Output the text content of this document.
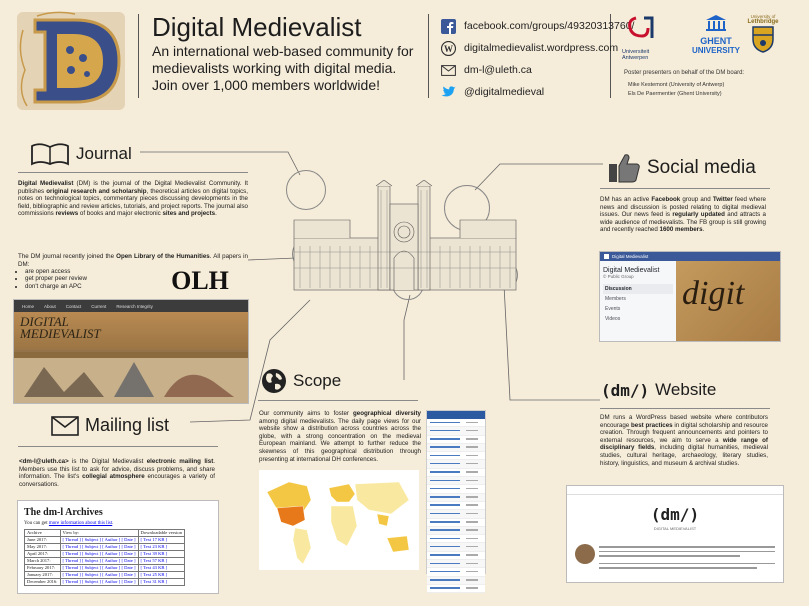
Digital Medievalist
An international web-based community for medievalists working with digital media. Join over 1,000 members worldwide!
facebook.com/groups/49320313760/
W digitalmedievalist.wordpress.com
dm-l@uleth.ca
@digitalmedieval
Universiteit Antwerpen
GHENT
UNIVERSITY
University of
Lethbridge
Poster presenters on behalf of the DM board:
Mike Kestemont (University of Antwerp)
Els De Paermentier (Ghent University)
Journal
Digital Medievalist (DM) is the journal of the Digital Medievalist Community. It publishes original research and scholarship, theoretical articles on digital topics, notes on technological topics, commentary pieces discussing developments in the field, bibliographic and review articles, tutorials, and project reports. The journal also commissions reviews of books and major electronic sites and projects.
The DM journal recently joined the Open Library of the Humanities. All papers in DM:
• are open access
• get proper peer review
• don't charge an APC	OLH
Home About Contact Current Research Integrity
DIGITAL
MEDIEVALIST
Social media
DM has an active Facebook group and Twitter feed where news and discussion is posted relating to digital medieval issues. Our news feed is regularly updated and attracts a wide audience of medievalists. The FB group is still growing and recently reached 1600 members.
Digital Medievalist
Digital Medievalist
© Public Group
Discussion
Members
Events
Videos
digit
Scope
Our community aims to foster geographical diversity among digital medievalists. The daily page views for our website show a distribution across countries across the globe, with a strong concentration on the medieval European mainland. We attempt to further reduce the skewness of this geographical distribution through presenting at international DH conferences.
(dm/) Website
DM runs a WordPress based website where contributors encourage best practices in digital scholarship and resource creation. Through frequent announcements and pointers to external resources, we aim to serve a wide range of disciplinary fields, including digital humanities, medieval studies, cultural heritage, archaeology, literary studies, history, linguistics, and museum & archival studies.
(dm/)
DIGITAL MEDIEVALIST
Mailing list
<dm-l@uleth.ca> is the Digital Medievalist electronic mailing list. Members use this list to ask for advice, discuss problems, and share information. The list's collegial atmosphere encourages a variety of conversations.
The dm-l Archives
You can get more information about this list.
Archive	View by:	Downloadable version
June 2017:	[ Thread ] [ Subject ] [ Author ] [ Date ]	[ Text 17 KB ]
May 2017:	[ Thread ] [ Subject ] [ Author ] [ Date ]	[ Text 23 KB ]
April 2017:	[ Thread ] [ Subject ] [ Author ] [ Date ]	[ Text 39 KB ]
March 2017:	[ Thread ] [ Subject ] [ Author ] [ Date ]	[ Text 57 KB ]
February 2017:	[ Thread ] [ Subject ] [ Author ] [ Date ]	[ Text 43 KB ]
January 2017:	[ Thread ] [ Subject ] [ Author ] [ Date ]	[ Text 25 KB ]
December 2016:	[ Thread ] [ Subject ] [ Author ] [ Date ]	[ Text 31 KB ]
